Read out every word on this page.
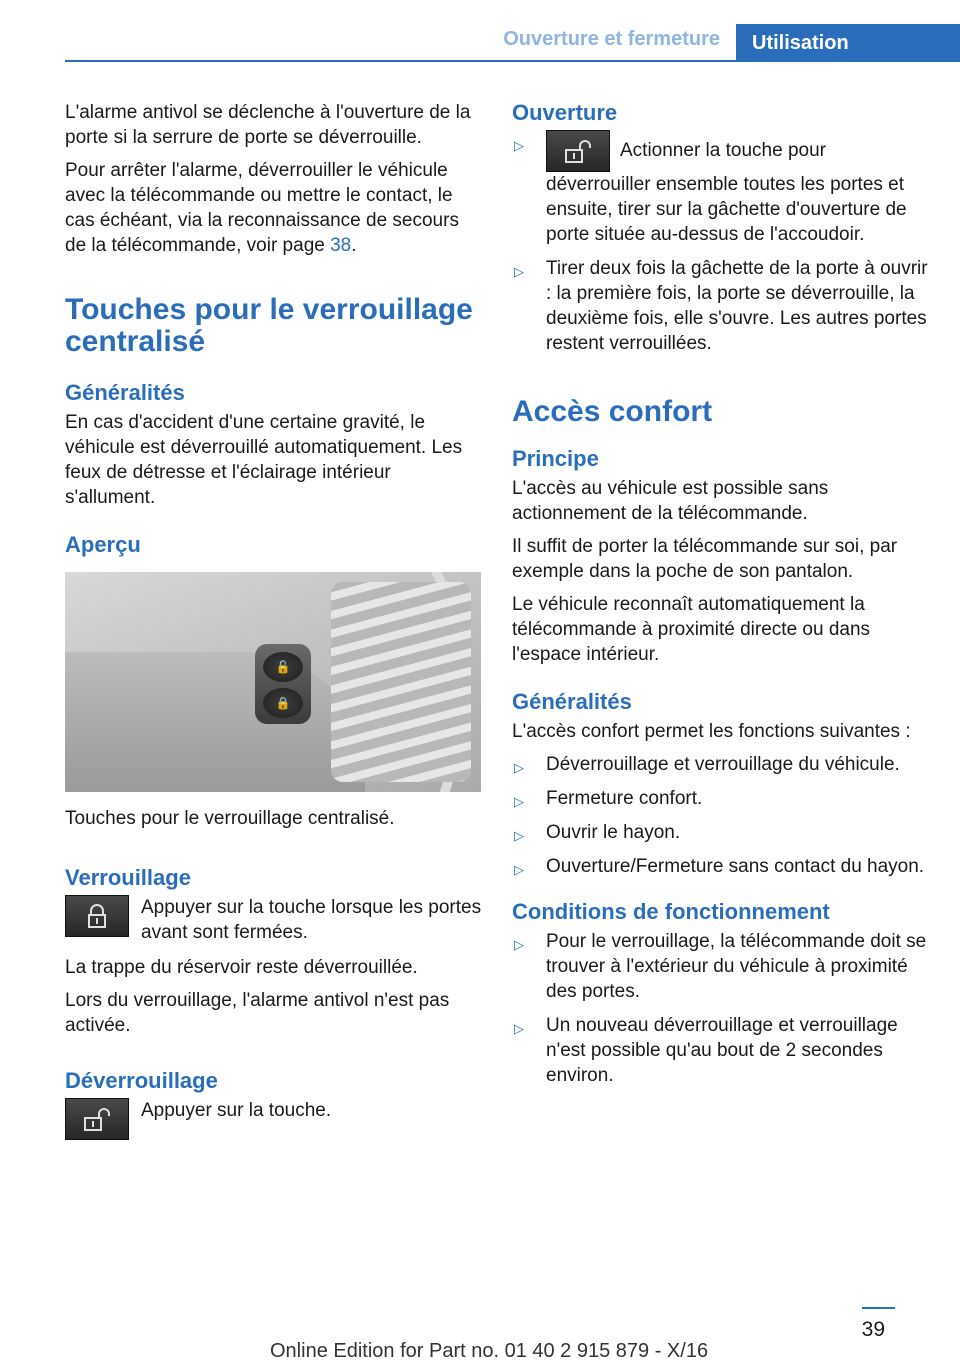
Ouverture et fermeture	Utilisation

L'alarme antivol se déclenche à l'ouverture de la porte si la serrure de porte se déverrouille.

Pour arrêter l'alarme, déverrouiller le véhicule avec la télécommande ou mettre le contact, le cas échéant, via la reconnaissance de secours de la télécommande, voir page 38.

Touches pour le verrouillage centralisé
Généralités

En cas d'accident d'une certaine gravité, le véhicule est déverrouillé automatiquement. Les feux de détresse et l'éclairage intérieur s'allument.

Aperçu
🔓
🔒

Touches pour le verrouillage centralisé.

Verrouillage

Appuyer sur la touche lorsque les portes avant sont fermées.

La trappe du réservoir reste déverrouillée.

Lors du verrouillage, l'alarme antivol n'est pas activée.

Déverrouillage

Appuyer sur la touche.

Ouverture
▷	Actionner la touche pour déverrouiller ensemble toutes les portes et ensuite, tirer sur la gâchette d'ouverture de porte située au-dessus de l'accoudoir.
▷ Tirer deux fois la gâchette de la porte à ouvrir : la première fois, la porte se déverrouille, la deuxième fois, elle s'ouvre. Les autres portes restent verrouillées.
Accès confort
Principe

L'accès au véhicule est possible sans actionnement de la télécommande.

Il suffit de porter la télécommande sur soi, par exemple dans la poche de son pantalon.

Le véhicule reconnaît automatiquement la télécommande à proximité directe ou dans l'espace intérieur.

Généralités

L'accès confort permet les fonctions suivantes :

▷ Déverrouillage et verrouillage du véhicule.
▷ Fermeture confort.
▷ Ouvrir le hayon.
▷ Ouverture/Fermeture sans contact du hayon.
Conditions de fonctionnement
▷ Pour le verrouillage, la télécommande doit se trouver à l'extérieur du véhicule à proximité des portes.
▷ Un nouveau déverrouillage et verrouillage n'est possible qu'au bout de 2 secondes environ.
39
Online Edition for Part no. 01 40 2 915 879 - X/16
